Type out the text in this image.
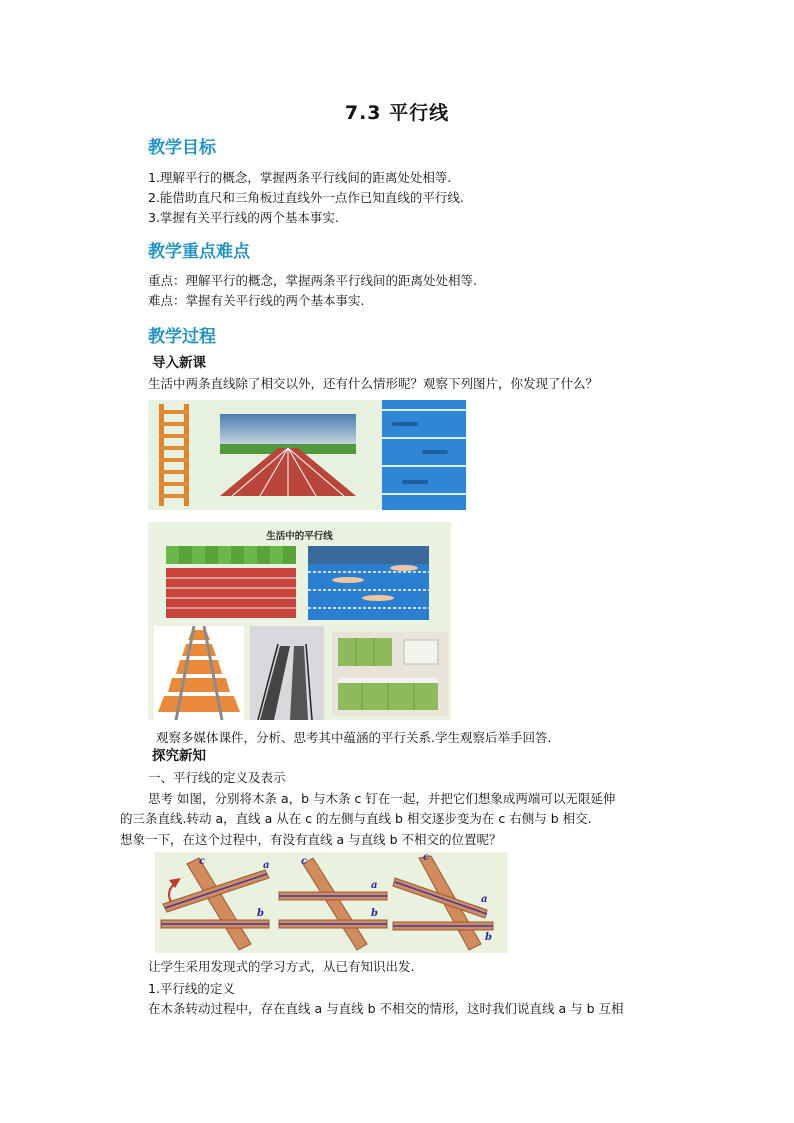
7.3 平行线
教学目标
1.理解平行的概念，掌握两条平行线间的距离处处相等.
2.能借助直尺和三角板过直线外一点作已知直线的平行线.
3.掌握有关平行线的两个基本事实.
教学重点难点
重点：理解平行的概念，掌握两条平行线间的距离处处相等.
难点：掌握有关平行线的两个基本事实.
教学过程
导入新课
生活中两条直线除了相交以外，还有什么情形呢？观察下列图片，你发现了什么？
生活中的平行线
观察多媒体课件，分析、思考其中蕴涵的平行关系.学生观察后举手回答.
探究新知
一、平行线的定义及表示
思考 如图，分别将木条 a，b 与木条 c 钉在一起，并把它们想象成两端可以无限延伸
的三条直线.转动 a，直线 a 从在 c 的左侧与直线 b 相交逐步变为在 c 右侧与 b 相交.
想象一下，在这个过程中，有没有直线 a 与直线 b 不相交的位置呢？
c	a
b
c
a
b
c
a
b
让学生采用发现式的学习方式，从已有知识出发.
1.平行线的定义
在木条转动过程中，存在直线 a 与直线 b 不相交的情形，这时我们说直线 a 与 b 互相
